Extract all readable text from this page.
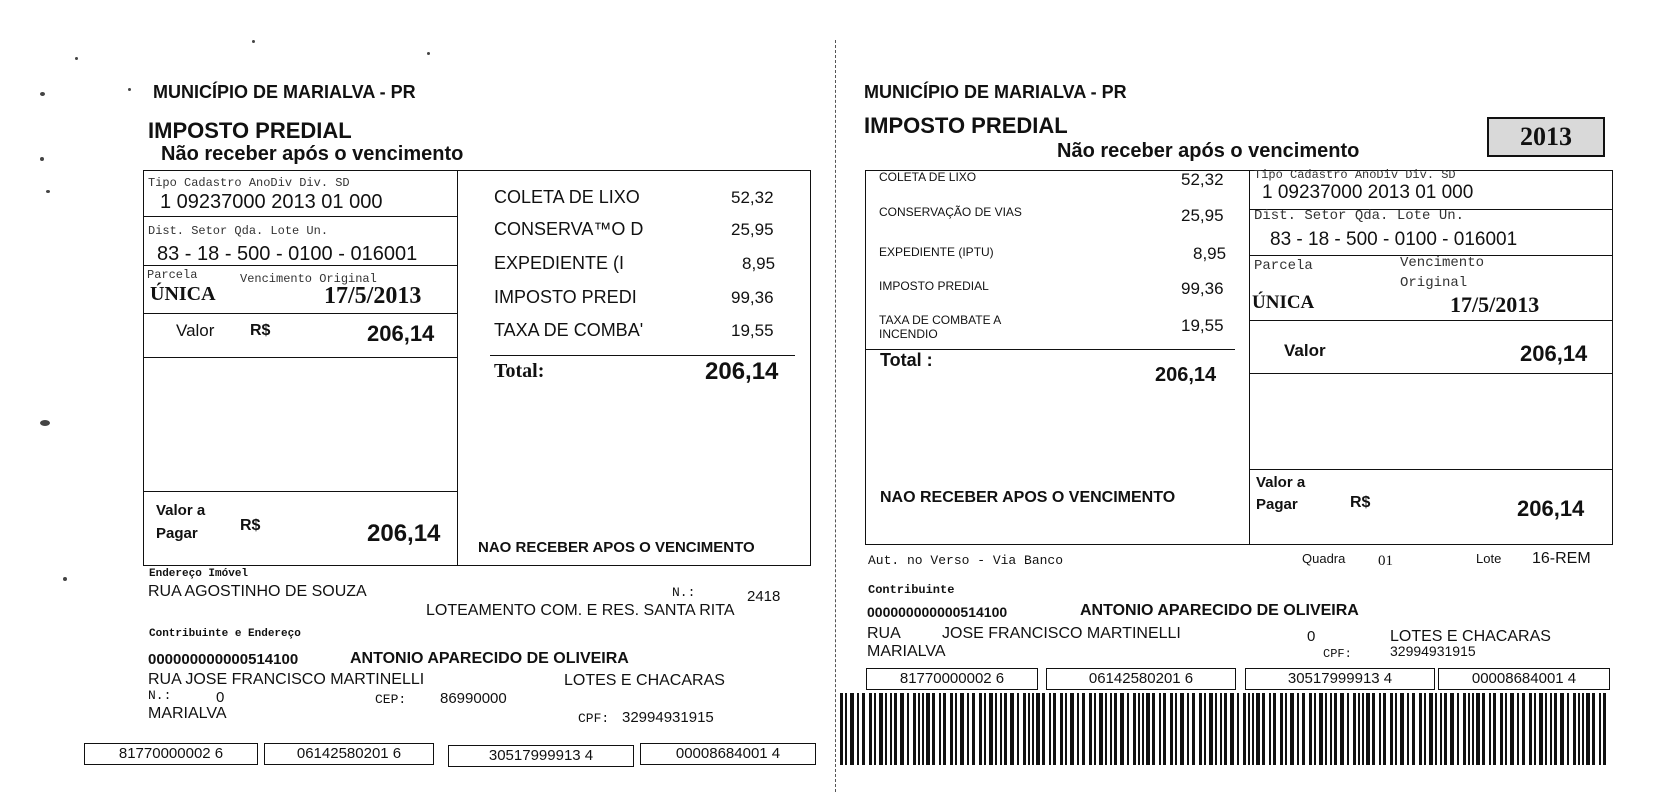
MUNICÍPIO DE MARIALVA - PR
IMPOSTO PREDIAL
Não receber após o vencimento
Tipo Cadastro AnoDiv Div. SD
1 09237000 2013 01 000
Dist. Setor Qda. Lote Un.
83 - 18 - 500 - 0100 - 016001
Parcela	Vencimento Original
ÚNICA	17/5/2013
Valor R$	206,14
Valor a
Pagar	R$	206,14
COLETA DE LIXO	52,32
CONSERVA™O D	25,95
EXPEDIENTE (I	8,95
IMPOSTO PREDI	99,36
TAXA DE COMBA'	19,55
Total:	206,14
NAO RECEBER APOS O VENCIMENTO
Endereço Imóvel
RUA AGOSTINHO DE SOUZA	N.:	2418
LOTEAMENTO COM. E RES. SANTA RITA
Contribuinte e Endereço
000000000000514100	ANTONIO APARECIDO DE OLIVEIRA
RUA JOSE FRANCISCO MARTINELLI	LOTES E CHACARAS
N.:	0	CEP: 86990000
MARIALVA	CPF: 32994931915
81770000002 6	06142580201 6	30517999913 4	00008684001 4
MUNICÍPIO DE MARIALVA - PR
IMPOSTO PREDIAL
Não receber após o vencimento	2013
COLETA DE LIXO	52,32
CONSERVAÇÃO DE VIAS	25,95
EXPEDIENTE (IPTU)	8,95
IMPOSTO PREDIAL	99,36
TAXA DE COMBATE A
INCENDIO	19,55
Total :
206,14
NAO RECEBER APOS O VENCIMENTO
Tipo Cadastro AnoDiv Div. SD
1 09237000 2013 01 000
Dist. Setor Qda. Lote Un.
83 - 18 - 500 - 0100 - 016001
Parcela	Vencimento
Original
ÚNICA	17/5/2013
Valor	206,14
Valor a
Pagar	R$	206,14
Aut. no Verso - Via Banco	Quadra 01	Lote 16-REM
Contribuinte
000000000000514100	ANTONIO APARECIDO DE OLIVEIRA
RUA	JOSE FRANCISCO MARTINELLI	0	LOTES E CHACARAS
MARIALVA	CPF:	32994931915
81770000002 6	06142580201 6	30517999913 4	00008684001 4
